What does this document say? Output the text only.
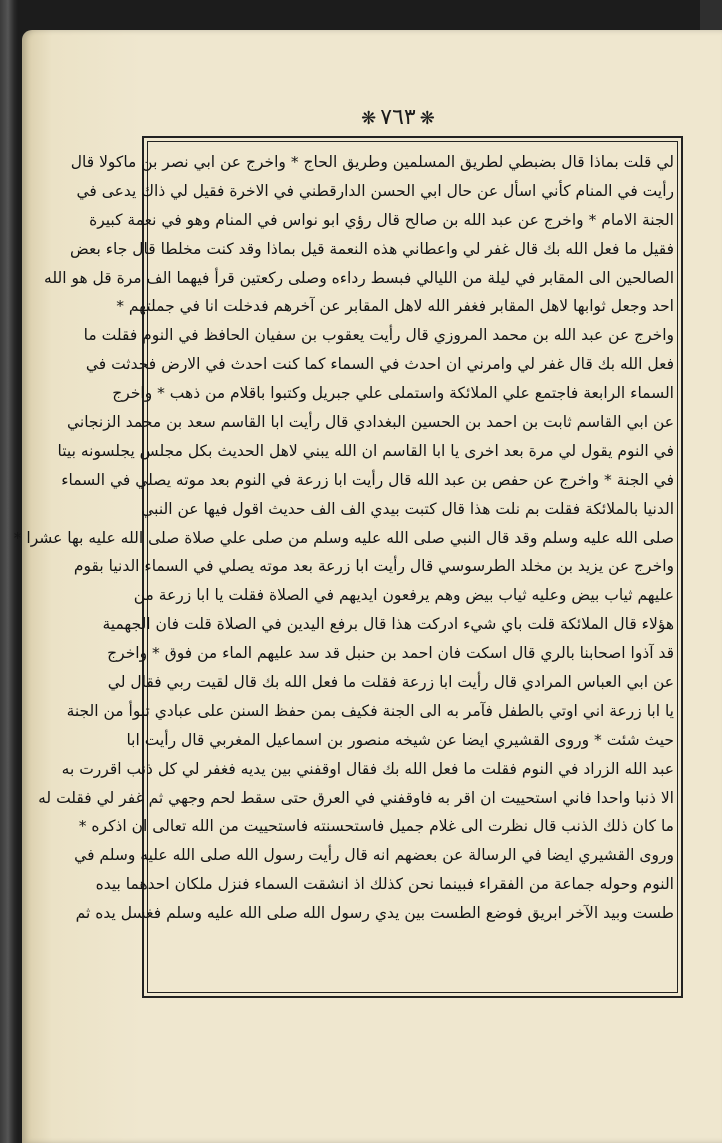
❋٧٦٣❋
لي قلت بماذا قال بضبطي لطريق المسلمين وطريق الحاج * واخرج عن ابي نصر بن ماكولا قال
رأيت في المنام كأني اسأل عن حال ابي الحسن الدارقطني في الاخرة فقيل لي ذاك يدعى في
الجنة الامام * واخرج عن عبد الله بن صالح قال رؤي ابو نواس في المنام وهو في نعمة كبيرة
فقيل ما فعل الله بك قال غفر لي واعطاني هذه النعمة قيل بماذا وقد كنت مخلطا قال جاء بعض
الصالحين الى المقابر في ليلة من الليالي فبسط رداءه وصلى ركعتين قرأ فيهما الف مرة قل هو الله
احد وجعل ثوابها لاهل المقابر فغفر الله لاهل المقابر عن آخرهم فدخلت انا في جملتهم *
واخرج عن عبد الله بن محمد المروزي قال رأيت يعقوب بن سفيان الحافظ في النوم فقلت ما
فعل الله بك قال غفر لي وامرني ان احدث في السماء كما كنت احدث في الارض فحدثت في
السماء الرابعة فاجتمع علي الملائكة واستملى علي جبريل وكتبوا باقلام من ذهب * واخرج
عن ابي القاسم ثابت بن احمد بن الحسين البغدادي قال رأيت ابا القاسم سعد بن محمد الزنجاني
في النوم يقول لي مرة بعد اخرى يا ابا القاسم ان الله يبني لاهل الحديث بكل مجلس يجلسونه بيتا
في الجنة * واخرج عن حفص بن عبد الله قال رأيت ابا زرعة في النوم بعد موته يصلي في السماء
الدنيا بالملائكة فقلت بم نلت هذا قال كتبت بيدي الف الف حديث اقول فيها عن النبي
صلى الله عليه وسلم وقد قال النبي صلى الله عليه وسلم من صلى علي صلاة صلى الله عليه بها عشرا *
واخرج عن يزيد بن مخلد الطرسوسي قال رأيت ابا زرعة بعد موته يصلي في السماء الدنيا بقوم
عليهم ثياب بيض وعليه ثياب بيض وهم يرفعون ايديهم في الصلاة فقلت يا ابا زرعة من
هؤلاء قال الملائكة قلت باي شيء ادركت هذا قال برفع اليدين في الصلاة قلت فان الجهمية
قد آذوا اصحابنا بالري قال اسكت فان احمد بن حنبل قد سد عليهم الماء من فوق * واخرج
عن ابي العباس المرادي قال رأيت ابا زرعة فقلت ما فعل الله بك قال لقيت ربي فقال لي
يا ابا زرعة اني اوتي بالطفل فآمر به الى الجنة فكيف بمن حفظ السنن على عبادي تبوأ من الجنة
حيث شئت * وروى القشيري ايضا عن شيخه منصور بن اسماعيل المغربي قال رأيت ابا
عبد الله الزراد في النوم فقلت ما فعل الله بك فقال اوقفني بين يديه فغفر لي كل ذنب اقررت به
الا ذنبا واحدا فاني استحييت ان اقر به فاوقفني في العرق حتى سقط لحم وجهي ثم غفر لي فقلت له
ما كان ذلك الذنب قال نظرت الى غلام جميل فاستحسنته فاستحييت من الله تعالى ان اذكره *
وروى القشيري ايضا في الرسالة عن بعضهم انه قال رأيت رسول الله صلى الله عليه وسلم في
النوم وحوله جماعة من الفقراء فبينما نحن كذلك اذ انشقت السماء فنزل ملكان احدهما بيده
طست وبيد الآخر ابريق فوضع الطست بين يدي رسول الله صلى الله عليه وسلم فغسل يده ثم
